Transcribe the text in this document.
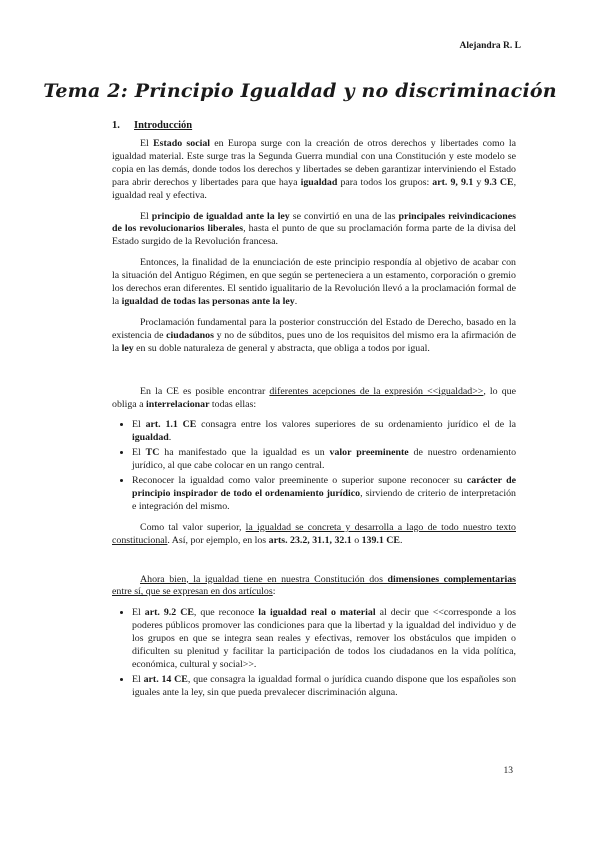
Alejandra R. L
Tema 2: Principio Igualdad y no discriminación
1. Introducción

El Estado social en Europa surge con la creación de otros derechos y libertades como la igualdad material. Este surge tras la Segunda Guerra mundial con una Constitución y este modelo se copia en las demás, donde todos los derechos y libertades se deben garantizar interviniendo el Estado para abrir derechos y libertades para que haya igualdad para todos los grupos: art. 9, 9.1 y 9.3 CE, igualdad real y efectiva.

El principio de igualdad ante la ley se convirtió en una de las principales reivindicaciones de los revolucionarios liberales, hasta el punto de que su proclamación forma parte de la divisa del Estado surgido de la Revolución francesa.

Entonces, la finalidad de la enunciación de este principio respondía al objetivo de acabar con la situación del Antiguo Régimen, en que según se perteneciera a un estamento, corporación o gremio los derechos eran diferentes. El sentido igualitario de la Revolución llevó a la proclamación formal de la igualdad de todas las personas ante la ley.

Proclamación fundamental para la posterior construcción del Estado de Derecho, basado en la existencia de ciudadanos y no de súbditos, pues uno de los requisitos del mismo era la afirmación de la ley en su doble naturaleza de general y abstracta, que obliga a todos por igual.

En la CE es posible encontrar diferentes acepciones de la expresión <<igualdad>>, lo que obliga a interrelacionar todas ellas:

• El art. 1.1 CE consagra entre los valores superiores de su ordenamiento jurídico el de la igualdad.
• El TC ha manifestado que la igualdad es un valor preeminente de nuestro ordenamiento jurídico, al que cabe colocar en un rango central.
• Reconocer la igualdad como valor preeminente o superior supone reconocer su carácter de principio inspirador de todo el ordenamiento jurídico, sirviendo de criterio de interpretación e integración del mismo.

Como tal valor superior, la igualdad se concreta y desarrolla a lago de todo nuestro texto constitucional. Así, por ejemplo, en los arts. 23.2, 31.1, 32.1 o 139.1 CE.

Ahora bien, la igualdad tiene en nuestra Constitución dos dimensiones complementarias entre sí, que se expresan en dos artículos:

• El art. 9.2 CE, que reconoce la igualdad real o material al decir que <<corresponde a los poderes públicos promover las condiciones para que la libertad y la igualdad del individuo y de los grupos en que se integra sean reales y efectivas, remover los obstáculos que impiden o dificulten su plenitud y facilitar la participación de todos los ciudadanos en la vida política, económica, cultural y social>>.
• El art. 14 CE, que consagra la igualdad formal o jurídica cuando dispone que los españoles son iguales ante la ley, sin que pueda prevalecer discriminación alguna.
13
